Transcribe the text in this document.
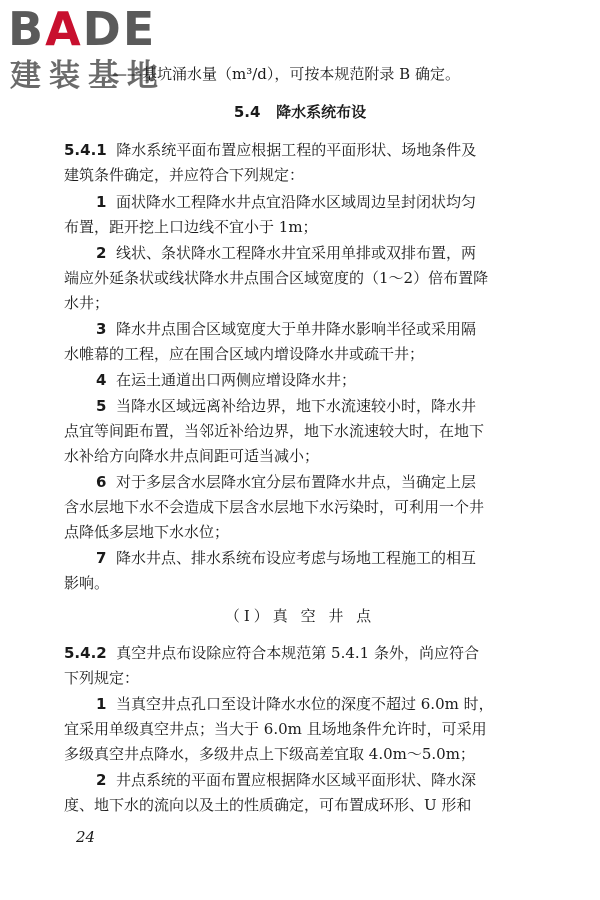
BADE
建装基地
——基坑涌水量（m³/d），可按本规范附录 B 确定。
5.4 降水系统布设
5.4.1 降水系统平面布置应根据工程的平面形状、场地条件及
建筑条件确定，并应符合下列规定：
1 面状降水工程降水井点宜沿降水区域周边呈封闭状均匀
布置，距开挖上口边线不宜小于 1m；
2 线状、条状降水工程降水井宜采用单排或双排布置，两
端应外延条状或线状降水井点围合区域宽度的（1～2）倍布置降
水井；
3 降水井点围合区域宽度大于单井降水影响半径或采用隔
水帷幕的工程，应在围合区域内增设降水井或疏干井；
4 在运土通道出口两侧应增设降水井；
5 当降水区域远离补给边界，地下水流速较小时，降水井
点宜等间距布置，当邻近补给边界，地下水流速较大时，在地下
水补给方向降水井点间距可适当减小；
6 对于多层含水层降水宜分层布置降水井点，当确定上层
含水层地下水不会造成下层含水层地下水污染时，可利用一个井
点降低多层地下水水位；
7 降水井点、排水系统布设应考虑与场地工程施工的相互
影响。
（Ⅰ）真 空 井 点
5.4.2 真空井点布设除应符合本规范第 5.4.1 条外，尚应符合
下列规定：
1 当真空井点孔口至设计降水水位的深度不超过 6.0m 时，
宜采用单级真空井点；当大于 6.0m 且场地条件允许时，可采用
多级真空井点降水，多级井点上下级高差宜取 4.0m～5.0m；
2 井点系统的平面布置应根据降水区域平面形状、降水深
度、地下水的流向以及土的性质确定，可布置成环形、U 形和
24
